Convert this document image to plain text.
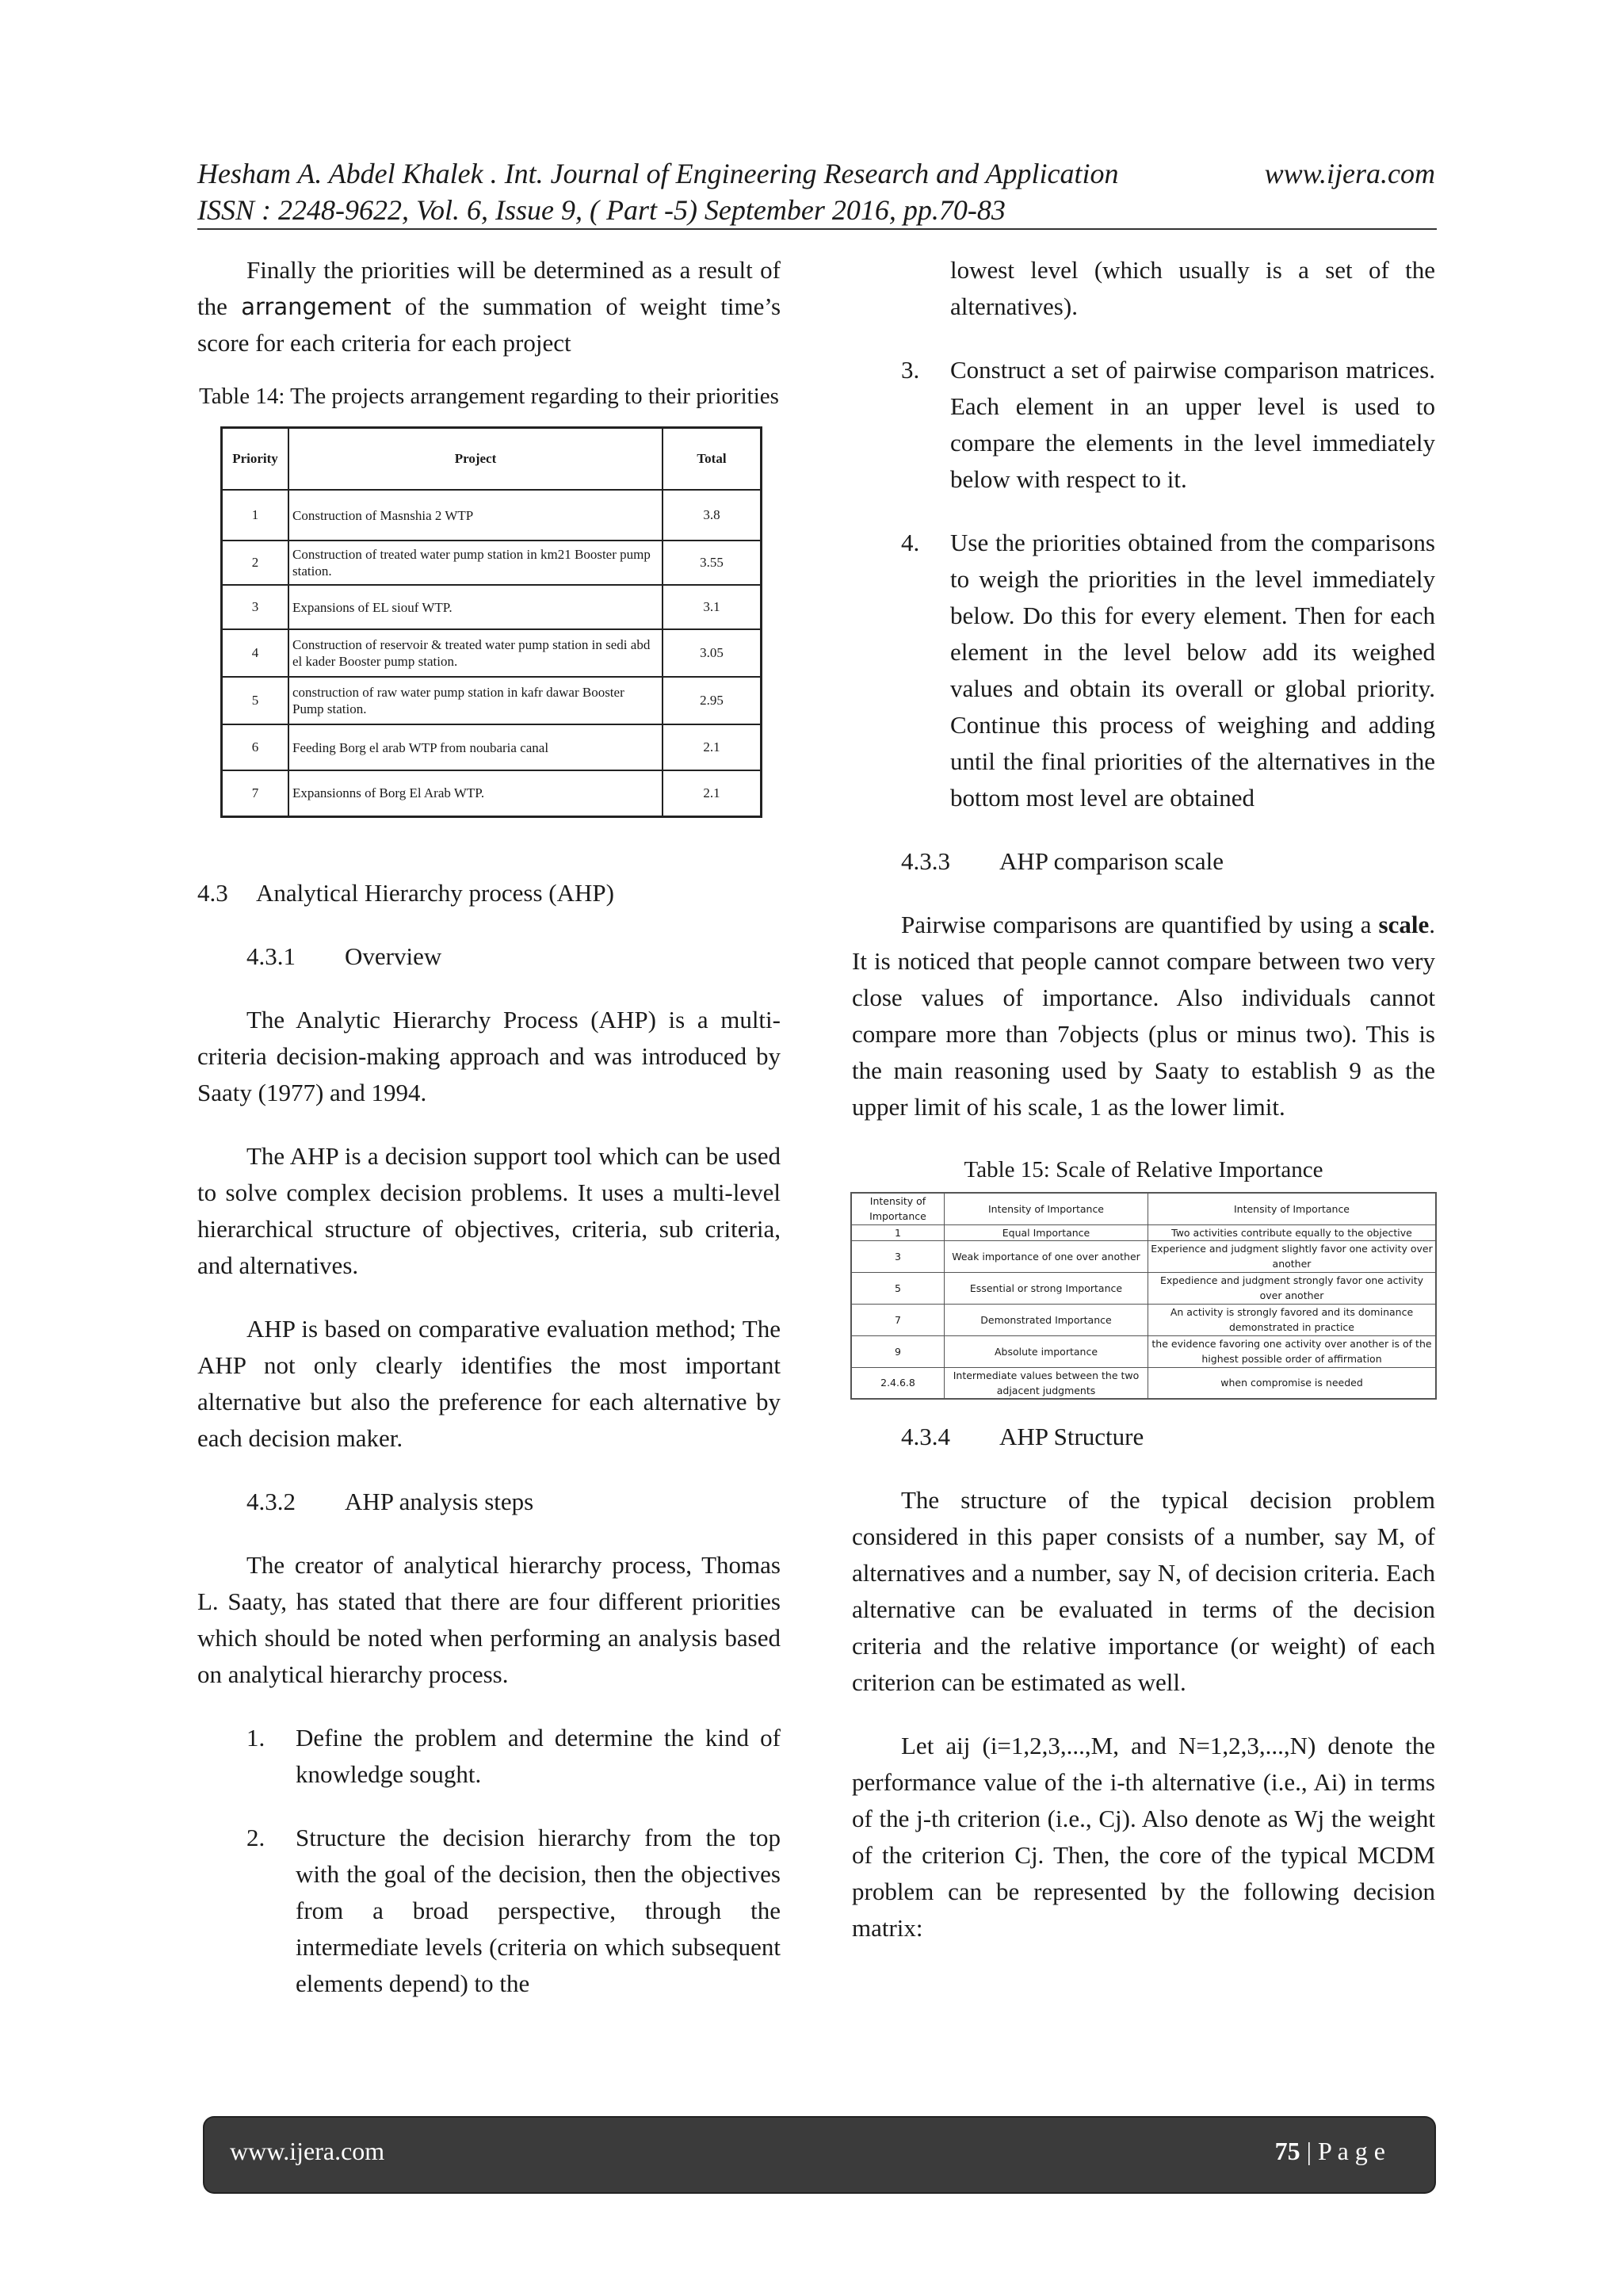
Hesham A. Abdel Khalek . Int. Journal of Engineering Research and Application	www.ijera.com
ISSN : 2248-9622, Vol. 6, Issue 9, ( Part -5) September 2016, pp.70-83

Finally the priorities will be determined as a result of the arrangement of the summation of weight time’s score for each criteria for each project

Table 14: The projects arrangement regarding to their priorities
Priority	Project	Total
1	Construction of Masnshia 2 WTP	3.8
2	Construction of treated water pump station in km21 Booster pump station.	3.55
3	Expansions of EL siouf WTP.	3.1
4	Construction of reservoir & treated water pump station in sedi abd el kader Booster pump station.	3.05
5	construction of raw water pump station in kafr dawar Booster Pump station.	2.95
6	Feeding Borg el arab WTP from noubaria canal	2.1
7	Expansionns of Borg El Arab WTP.	2.1
4.3 Analytical Hierarchy process (AHP)
4.3.1 Overview

The Analytic Hierarchy Process (AHP) is a multi-criteria decision-making approach and was introduced by Saaty (1977) and 1994.

The AHP is a decision support tool which can be used to solve complex decision problems. It uses a multi-level hierarchical structure of objectives, criteria, sub criteria, and alternatives.

AHP is based on comparative evaluation method; The AHP not only clearly identifies the most important alternative but also the preference for each alternative by each decision maker.

4.3.2 AHP analysis steps

The creator of analytical hierarchy process, Thomas L. Saaty, has stated that there are four different priorities which should be noted when performing an analysis based on analytical hierarchy process.

1. Define the problem and determine the kind of knowledge sought.
2. Structure the decision hierarchy from the top with the goal of the decision, then the objectives from a broad perspective, through the intermediate levels (criteria on which subsequent elements depend) to the
lowest level (which usually is a set of the alternatives).
3. Construct a set of pairwise comparison matrices. Each element in an upper level is used to compare the elements in the level immediately below with respect to it.
4. Use the priorities obtained from the comparisons to weigh the priorities in the level immediately below. Do this for every element. Then for each element in the level below add its weighed values and obtain its overall or global priority. Continue this process of weighing and adding until the final priorities of the alternatives in the bottom most level are obtained
4.3.3 AHP comparison scale

Pairwise comparisons are quantified by using a scale. It is noticed that people cannot compare between two very close values of importance. Also individuals cannot compare more than 7objects (plus or minus two). This is the main reasoning used by Saaty to establish 9 as the upper limit of his scale, 1 as the lower limit.

Table 15: Scale of Relative Importance
Intensity of Importance	Intensity of Importance	Intensity of Importance
1	Equal Importance	Two activities contribute equally to the objective
3	Weak importance of one over another	Experience and judgment slightly favor one activity over another
5	Essential or strong Importance	Expedience and judgment strongly favor one activity over another
7	Demonstrated Importance	An activity is strongly favored and its dominance demonstrated in practice
9	Absolute importance	the evidence favoring one activity over another is of the highest possible order of affirmation
2.4.6.8	Intermediate values between the two adjacent judgments	when compromise is needed
4.3.4 AHP Structure

The structure of the typical decision problem considered in this paper consists of a number, say M, of alternatives and a number, say N, of decision criteria. Each alternative can be evaluated in terms of the decision criteria and the relative importance (or weight) of each criterion can be estimated as well.

Let aij (i=1,2,3,...,M, and N=1,2,3,...,N) denote the performance value of the i-th alternative (i.e., Ai) in terms of the j-th criterion (i.e., Cj). Also denote as Wj the weight of the criterion Cj. Then, the core of the typical MCDM problem can be represented by the following decision matrix:

www.ijera.com	75 | P a g e
